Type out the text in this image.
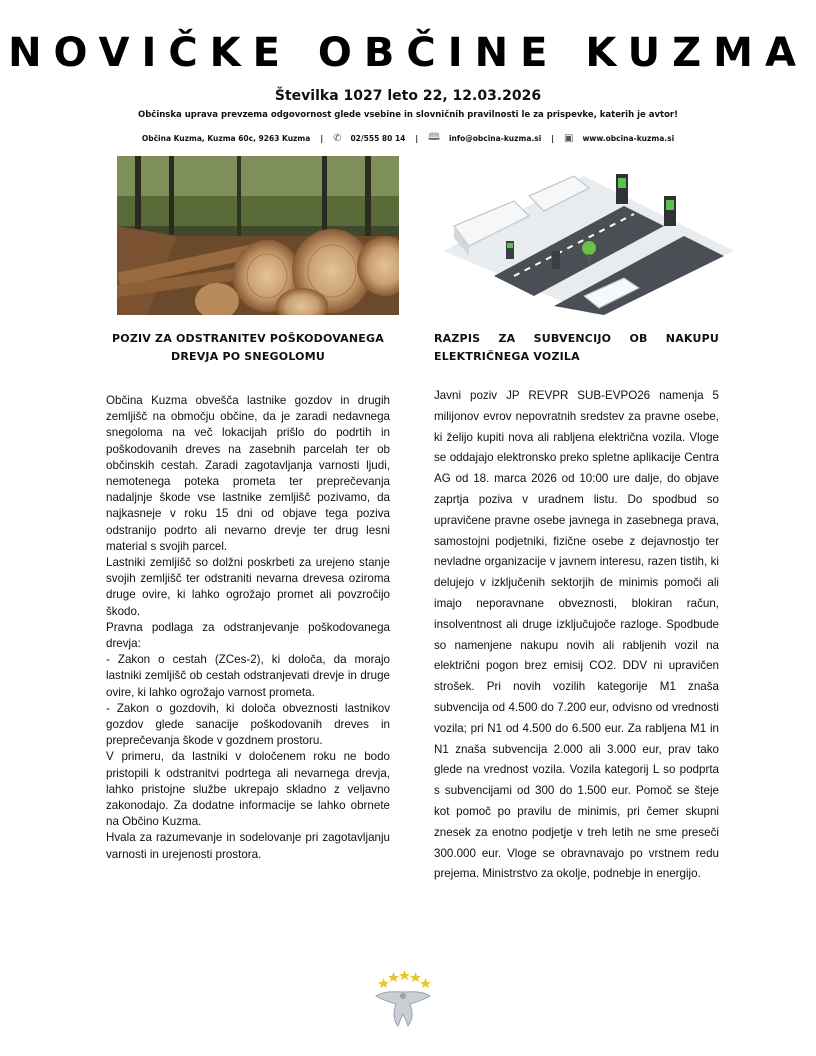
NOVIČKE OBČINE KUZMA

Številka 1027 leto 22, 12.03.2026

Občinska uprava prevzema odgovornost glede vsebine in slovničnih pravilnosti le za prispevke, katerih je avtor!

Občina Kuzma, Kuzma 60c, 9263 Kuzma | ✆ 02/555 80 14 | 🕮 info@obcina-kuzma.si | ▣ www.obcina-kuzma.si
POZIV ZA ODSTRANITEV POŠKODOVANEGA DREVJA PO SNEGOLOMU
RAZPIS ZA SUBVENCIJO OB NAKUPU ELEKTRIČNEGA VOZILA

Občina Kuzma obvešča lastnike gozdov in drugih zemljišč na območju občine, da je zaradi nedavnega snegoloma na več lokacijah prišlo do podrtih in poškodovanih dreves na zasebnih parcelah ter ob občinskih cestah. Zaradi zagotavljanja varnosti ljudi, nemotenega poteka prometa ter preprečevanja nadaljnje škode vse lastnike zemljišč pozivamo, da najkasneje v roku 15 dni od objave tega poziva odstranijo podrto ali nevarno drevje ter drug lesni material s svojih parcel.

Lastniki zemljišč so dolžni poskrbeti za urejeno stanje svojih zemljišč ter odstraniti nevarna drevesa oziroma druge ovire, ki lahko ogrožajo promet ali povzročijo škodo.

Pravna podlaga za odstranjevanje poškodovanega drevja:

- Zakon o cestah (ZCes-2), ki določa, da morajo lastniki zemljišč ob cestah odstranjevati drevje in druge ovire, ki lahko ogrožajo varnost prometa.

- Zakon o gozdovih, ki določa obveznosti lastnikov gozdov glede sanacije poškodovanih dreves in preprečevanja škode v gozdnem prostoru.

V primeru, da lastniki v določenem roku ne bodo pristopili k odstranitvi podrtega ali nevarnega drevja, lahko pristojne službe ukrepajo skladno z veljavno zakonodajo. Za dodatne informacije se lahko obrnete na Občino Kuzma.

Hvala za razumevanje in sodelovanje pri zagotavljanju varnosti in urejenosti prostora.

Javni poziv JP REVPR SUB-EVPO26 namenja 5 milijonov evrov nepovratnih sredstev za pravne osebe, ki želijo kupiti nova ali rabljena električna vozila. Vloge se oddajajo elektronsko preko spletne aplikacije Centra AG od 18. marca 2026 od 10:00 ure dalje, do objave zaprtja poziva v uradnem listu. Do spodbud so upravičene pravne osebe javnega in zasebnega prava, samostojni podjetniki, fizične osebe z dejavnostjo ter nevladne organizacije v javnem interesu, razen tistih, ki delujejo v izključenih sektorjih de minimis pomoči ali imajo neporavnane obveznosti, blokiran račun, insolventnost ali druge izključujoče razloge. Spodbude so namenjene nakupu novih ali rabljenih vozil na električni pogon brez emisij CO2. DDV ni upravičen strošek. Pri novih vozilih kategorije M1 znaša subvencija od 4.500 do 7.200 eur, odvisno od vrednosti vozila; pri N1 od 4.500 do 6.500 eur. Za rabljena M1 in N1 znaša subvencija 2.000 ali 3.000 eur, prav tako glede na vrednost vozila. Vozila kategorij L so podprta s subvencijami od 300 do 1.500 eur. Pomoč se šteje kot pomoč po pravilu de minimis, pri čemer skupni znesek za enotno podjetje v treh letih ne sme preseči 300.000 eur. Vloge se obravnavajo po vrstnem redu prejema. Ministrstvo za okolje, podnebje in energijo.
